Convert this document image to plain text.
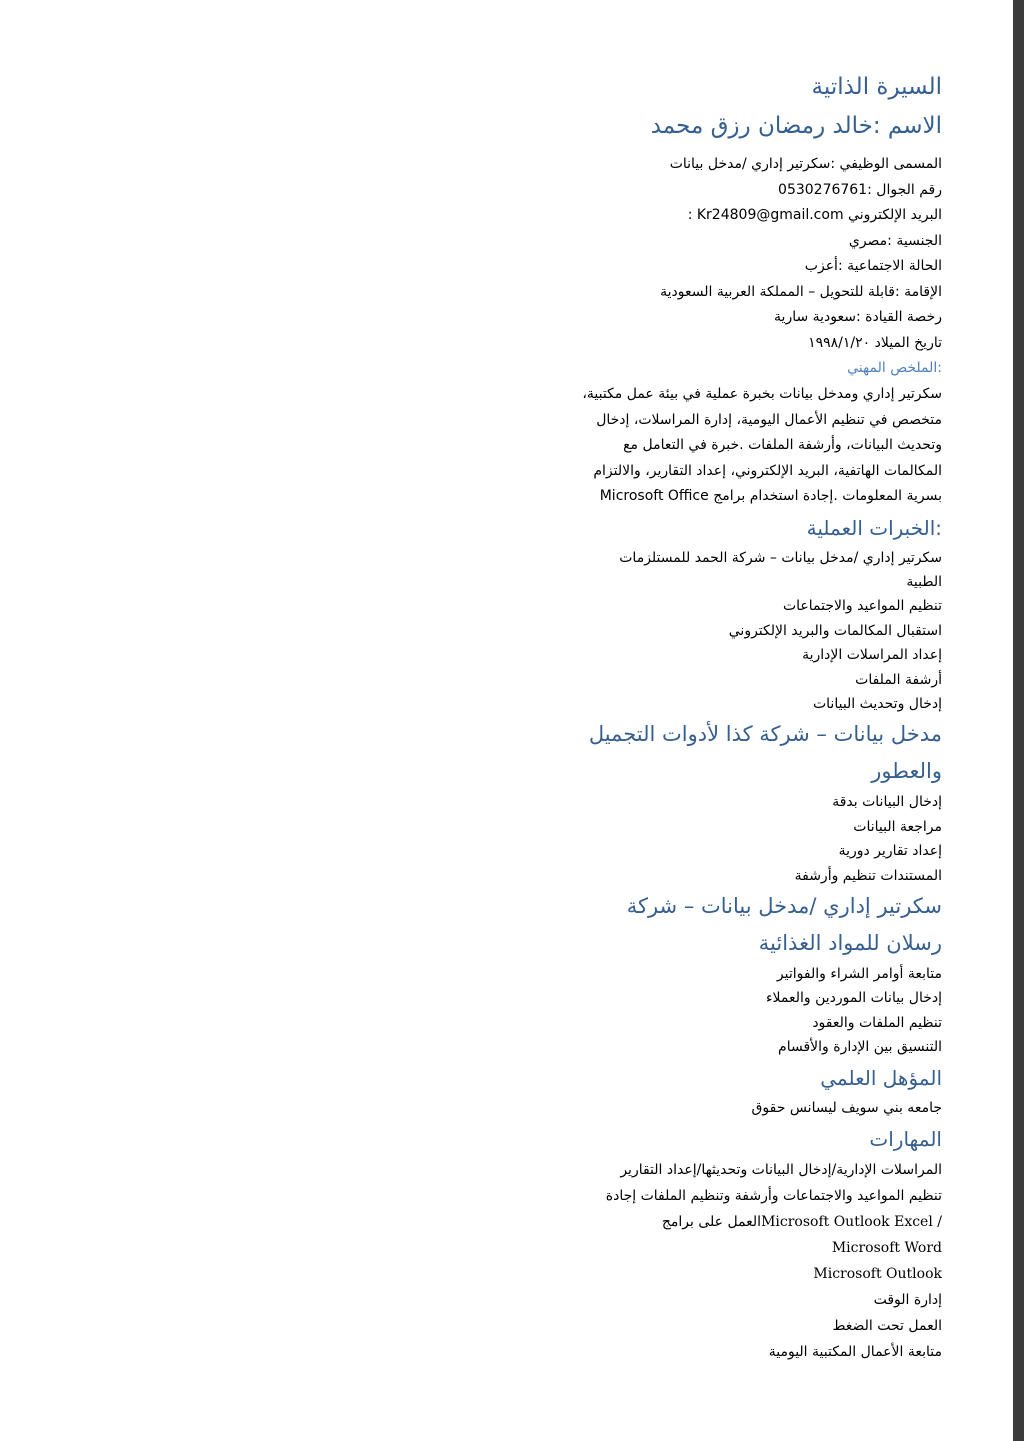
السيرة الذاتية
الاسم :خالد رمضان رزق محمد
المسمى الوظيفي :سكرتير إداري /مدخل بيانات
رقم الجوال :0530276761
البريد الإلكتروني Kr24809@gmail.com :
الجنسية :مصري
الحالة الاجتماعية :أعزب
الإقامة :قابلة للتحويل – المملكة العربية السعودية
رخصة القيادة :سعودية سارية
تاريخ الميلاد ١٩٩٨/١/٢٠
:الملخص المهني
سكرتير إداري ومدخل بيانات بخبرة عملية في بيئة عمل مكتبية،
متخصص في تنظيم الأعمال اليومية، إدارة المراسلات، إدخال
وتحديث البيانات، وأرشفة الملفات .خبرة في التعامل مع
المكالمات الهاتفية، البريد الإلكتروني، إعداد التقارير، والالتزام
بسرية المعلومات .إجادة استخدام برامج Microsoft Office
:الخبرات العملية
سكرتير إداري /مدخل بيانات – شركة الحمد للمستلزمات
الطبية
تنظيم المواعيد والاجتماعات
استقبال المكالمات والبريد الإلكتروني
إعداد المراسلات الإدارية
أرشفة الملفات
إدخال وتحديث البيانات
مدخل بيانات – شركة كذا لأدوات التجميل
والعطور
إدخال البيانات بدقة
مراجعة البيانات
إعداد تقارير دورية
المستندات تنظيم وأرشفة
سكرتير إداري /مدخل بيانات – شركة
رسلان للمواد الغذائية
متابعة أوامر الشراء والفواتير
إدخال بيانات الموردين والعملاء
تنظيم الملفات والعقود
التنسيق بين الإدارة والأقسام
المؤهل العلمي
جامعه بني سويف ليسانس حقوق
المهارات
المراسلات الإدارية/إدخال البيانات وتحديثها/إعداد التقارير
تنظيم المواعيد والاجتماعات وأرشفة وتنظيم الملفات إجادة
/ Microsoft Outlook Excelالعمل على برامج
Microsoft Word
Microsoft Outlook
إدارة الوقت
العمل تحت الضغط
متابعة الأعمال المكتبية اليومية
